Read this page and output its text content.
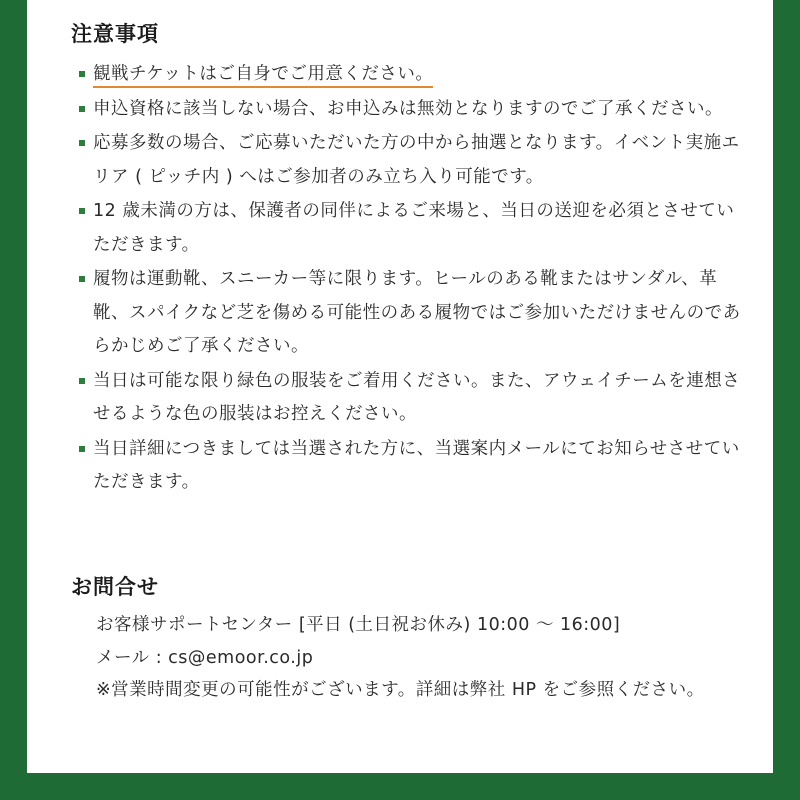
注意事項
観戦チケットはご自身でご用意ください。
申込資格に該当しない場合、お申込みは無効となりますのでご了承ください。
応募多数の場合、ご応募いただいた方の中から抽選となります。イベント実施エリア ( ピッチ内 ) へはご参加者のみ立ち入り可能です。
12 歳未満の方は、保護者の同伴によるご来場と、当日の送迎を必須とさせていただきます。
履物は運動靴、スニーカー等に限ります。ヒールのある靴またはサンダル、革靴、スパイクなど芝を傷める可能性のある履物ではご参加いただけませんのであらかじめご了承ください。
当日は可能な限り緑色の服装をご着用ください。また、アウェイチームを連想させるような色の服装はお控えください。
当日詳細につきましては当選された方に、当選案内メールにてお知らせさせていただきます。
お問合せ

お客様サポートセンター [平日 (土日祝お休み) 10:00 〜 16:00]

メール : cs@emoor.co.jp

※営業時間変更の可能性がございます。詳細は弊社 HP をご参照ください。
